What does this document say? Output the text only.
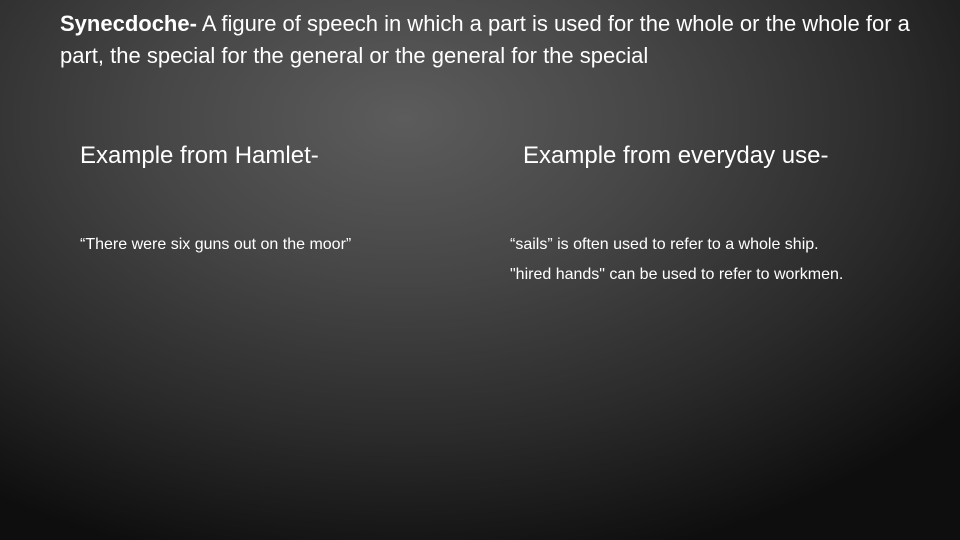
Synecdoche- A figure of speech in which a part is used for the whole or the whole for a part, the special for the general or the general for the special

Example from Hamlet-	Example from everyday use-

“There were six guns out on the moor”	“sails” is often used to refer to a whole ship.

"hired hands" can be used to refer to workmen.
